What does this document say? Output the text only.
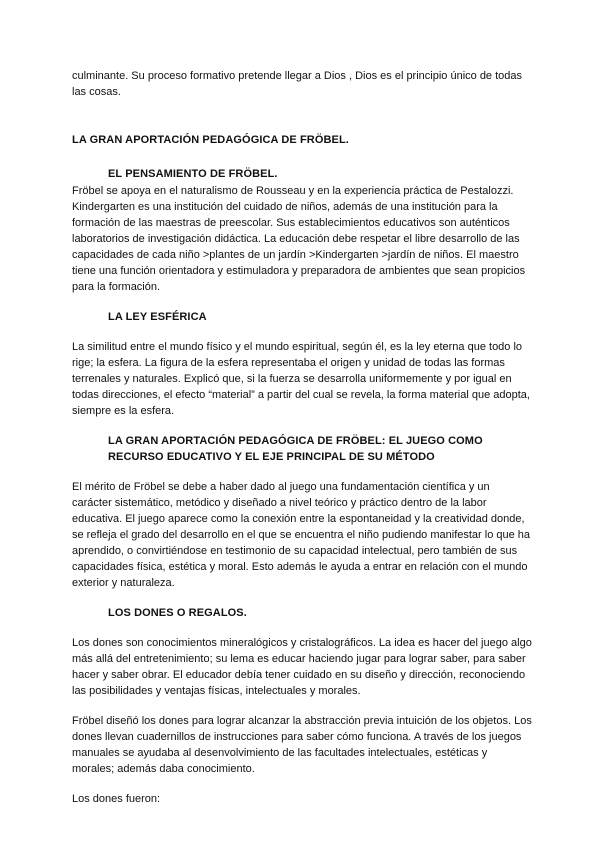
culminante. Su proceso formativo pretende llegar a Dios , Dios es el principio único de todas las cosas.

LA GRAN APORTACIÓN PEDAGÓGICA DE FRÖBEL.
EL PENSAMIENTO DE FRÖBEL.

Fröbel se apoya en el naturalismo de Rousseau y en la experiencia práctica de Pestalozzi. Kindergarten es una institución del cuidado de niños, además de una institución para la formación de las maestras de preescolar. Sus establecimientos educativos son auténticos laboratorios de investigación didáctica. La educación debe respetar el libre desarrollo de las capacidades de cada niño >plantes de un jardín >Kindergarten >jardín de niños. El maestro tiene una función orientadora y estimuladora y preparadora de ambientes que sean propicios para la formación.

LA LEY ESFÉRICA

La similitud entre el mundo físico y el mundo espiritual, según él, es la ley eterna que todo lo rige; la esfera. La figura de la esfera representaba el origen y unidad de todas las formas terrenales y naturales. Explicó que, si la fuerza se desarrolla uniformemente y por igual en todas direcciones, el efecto “material” a partir del cual se revela, la forma material que adopta, siempre es la esfera.

LA GRAN APORTACIÓN PEDAGÓGICA DE FRÖBEL: EL JUEGO COMO RECURSO EDUCATIVO Y EL EJE PRINCIPAL DE SU MÉTODO

El mérito de Fröbel se debe a haber dado al juego una fundamentación científica y un carácter sistemático, metódico y diseñado a nivel teórico y práctico dentro de la labor educativa. El juego aparece como la conexión entre la espontaneidad y la creatividad donde, se refleja el grado del desarrollo en el que se encuentra el niño pudiendo manifestar lo que ha aprendido, o convirtiéndose en testimonio de su capacidad intelectual, pero también de sus capacidades física, estética y moral. Esto además le ayuda a entrar en relación con el mundo exterior y naturaleza.

LOS DONES O REGALOS.

Los dones son conocimientos mineralógicos y cristalográficos. La idea es hacer del juego algo más allá del entretenimiento; su lema es educar haciendo jugar para lograr saber, para saber hacer y saber obrar. El educador debía tener cuidado en su diseño y dirección, reconociendo las posibilidades y ventajas físicas, intelectuales y morales.

Fröbel diseñó los dones para lograr alcanzar la abstracción previa intuición de los objetos. Los dones llevan cuadernillos de instrucciones para saber cómo funciona. A través de los juegos manuales se ayudaba al desenvolvimiento de las facultades intelectuales, estéticas y morales; además daba conocimiento.

Los dones fueron:
